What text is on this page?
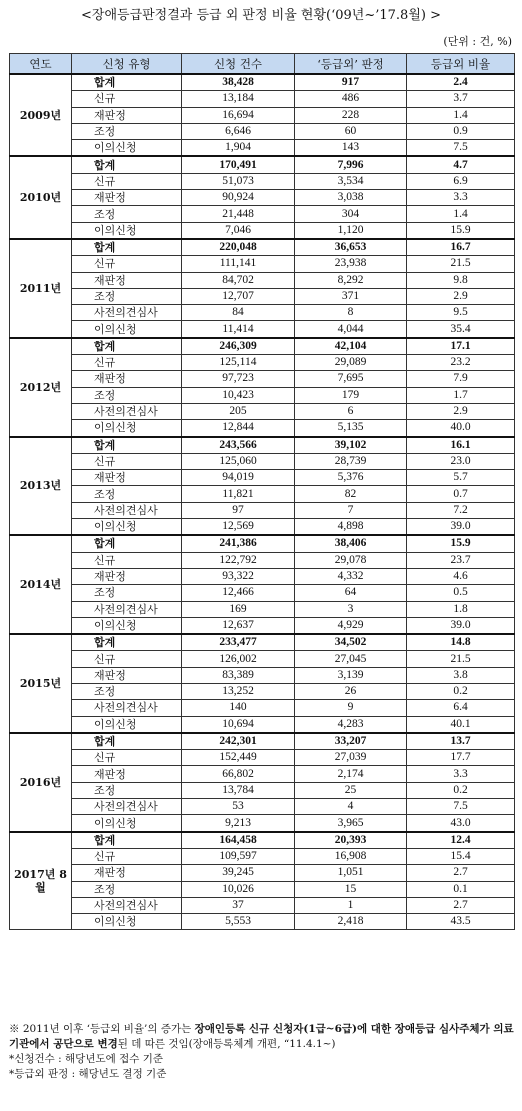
<장애등급판정결과 등급 외 판정 비율 현황(‘09년~’17.8월) >
(단위 : 건, %)
연도	신청 유형	신청 건수	‘등급외’ 판정	등급외 비율
2009년	합계	38,428	917	2.4
	신규	13,184	486	3.7
	재판정	16,694	228	1.4
	조정	6,646	60	0.9
	이의신청	1,904	143	7.5
2010년	합계	170,491	7,996	4.7
	신규	51,073	3,534	6.9
	재판정	90,924	3,038	3.3
	조정	21,448	304	1.4
	이의신청	7,046	1,120	15.9
2011년	합계	220,048	36,653	16.7
	신규	111,141	23,938	21.5
	재판정	84,702	8,292	9.8
	조정	12,707	371	2.9
	사전의견심사	84	8	9.5
	이의신청	11,414	4,044	35.4
2012년	합계	246,309	42,104	17.1
	신규	125,114	29,089	23.2
	재판정	97,723	7,695	7.9
	조정	10,423	179	1.7
	사전의견심사	205	6	2.9
	이의신청	12,844	5,135	40.0
2013년	합계	243,566	39,102	16.1
	신규	125,060	28,739	23.0
	재판정	94,019	5,376	5.7
	조정	11,821	82	0.7
	사전의견심사	97	7	7.2
	이의신청	12,569	4,898	39.0
2014년	합계	241,386	38,406	15.9
	신규	122,792	29,078	23.7
	재판정	93,322	4,332	4.6
	조정	12,466	64	0.5
	사전의견심사	169	3	1.8
	이의신청	12,637	4,929	39.0
2015년	합계	233,477	34,502	14.8
	신규	126,002	27,045	21.5
	재판정	83,389	3,139	3.8
	조정	13,252	26	0.2
	사전의견심사	140	9	6.4
	이의신청	10,694	4,283	40.1
2016년	합계	242,301	33,207	13.7
	신규	152,449	27,039	17.7
	재판정	66,802	2,174	3.3
	조정	13,784	25	0.2
	사전의견심사	53	4	7.5
	이의신청	9,213	3,965	43.0
2017년 8월	합계	164,458	20,393	12.4
	신규	109,597	16,908	15.4
	재판정	39,245	1,051	2.7
	조정	10,026	15	0.1
	사전의견심사	37	1	2.7
	이의신청	5,553	2,418	43.5
※ 2011년 이후 ‘등급외 비율’의 증가는 장애인등록 신규 신청자(1급~6급)에 대한 장애등급 심사주체가 의료기관에서 공단으로 변경된 데 따른 것임(장애등록체계 개편, “11.4.1~)
*신청건수 : 해당년도에 접수 기준
*등급외 판정 : 해당년도 결정 기준
